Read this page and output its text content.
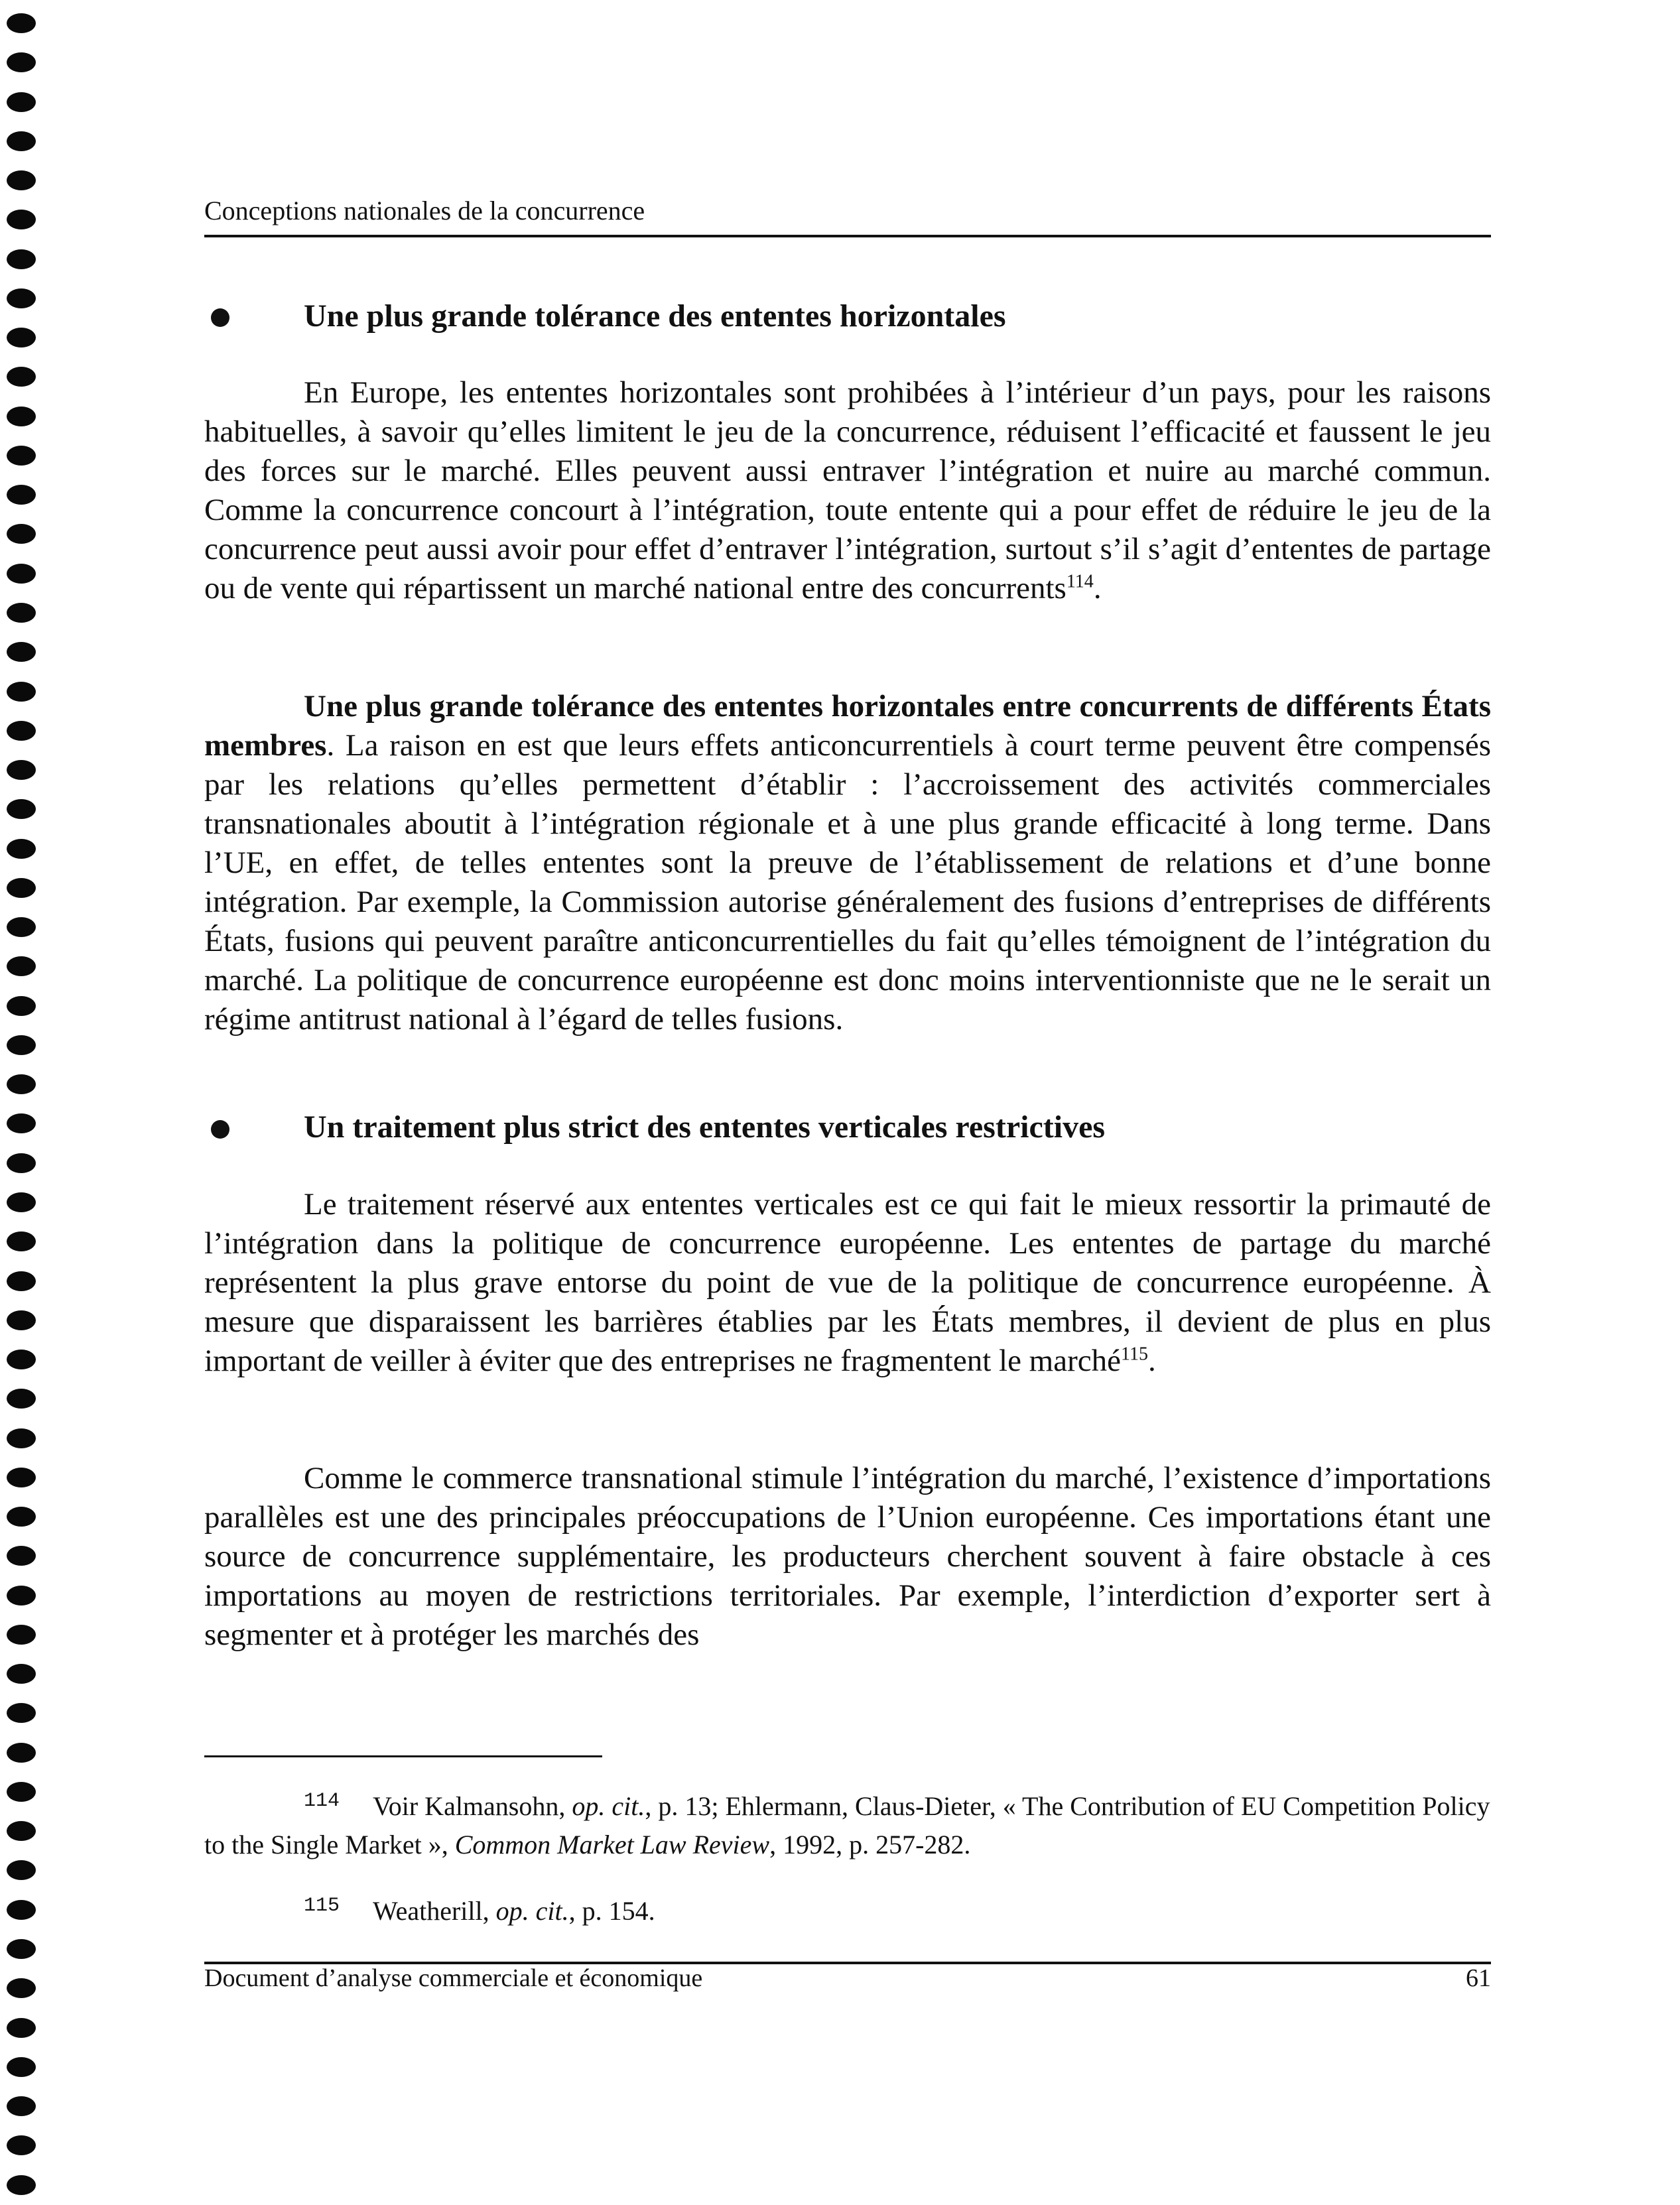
Conceptions nationales de la concurrence
Une plus grande tolérance des ententes horizontales

En Europe, les ententes horizontales sont prohibées à l’intérieur d’un pays, pour les raisons habituelles, à savoir qu’elles limitent le jeu de la concurrence, réduisent l’efficacité et faussent le jeu des forces sur le marché. Elles peuvent aussi entraver l’intégration et nuire au marché commun. Comme la concurrence concourt à l’intégration, toute entente qui a pour effet de réduire le jeu de la concurrence peut aussi avoir pour effet d’entraver l’intégration, surtout s’il s’agit d’ententes de partage ou de vente qui répartissent un marché national entre des concurrents$^{114}$.

Une plus grande tolérance des ententes horizontales entre concurrents de différents États membres. La raison en est que leurs effets anticoncurrentiels à court terme peuvent être compensés par les relations qu’elles permettent d’établir : l’accroissement des activités commerciales transnationales aboutit à l’intégration régionale et à une plus grande efficacité à long terme. Dans l’UE, en effet, de telles ententes sont la preuve de l’établissement de relations et d’une bonne intégration. Par exemple, la Commission autorise généralement des fusions d’entreprises de différents États, fusions qui peuvent paraître anticoncurrentielles du fait qu’elles témoignent de l’intégration du marché. La politique de concurrence européenne est donc moins interventionniste que ne le serait un régime antitrust national à l’égard de telles fusions.

Un traitement plus strict des ententes verticales restrictives

Le traitement réservé aux ententes verticales est ce qui fait le mieux ressortir la primauté de l’intégration dans la politique de concurrence européenne. Les ententes de partage du marché représentent la plus grave entorse du point de vue de la politique de concurrence européenne. À mesure que disparaissent les barrières établies par les États membres, il devient de plus en plus important de veiller à éviter que des entreprises ne fragmentent le marché$^{115}$.

Comme le commerce transnational stimule l’intégration du marché, l’existence d’importations parallèles est une des principales préoccupations de l’Union européenne. Ces importations étant une source de concurrence supplémentaire, les producteurs cherchent souvent à faire obstacle à ces importations au moyen de restrictions territoriales. Par exemple, l’interdiction d’exporter sert à segmenter et à protéger les marchés des

$^{114}$ Voir Kalmansohn, op. cit., p. 13; Ehlermann, Claus-Dieter, « The Contribution of EU Competition Policy to the Single Market », Common Market Law Review, 1992, p. 257-282.

$^{115}$ Weatherill, op. cit., p. 154.

Document d’analyse commerciale et économique	61
